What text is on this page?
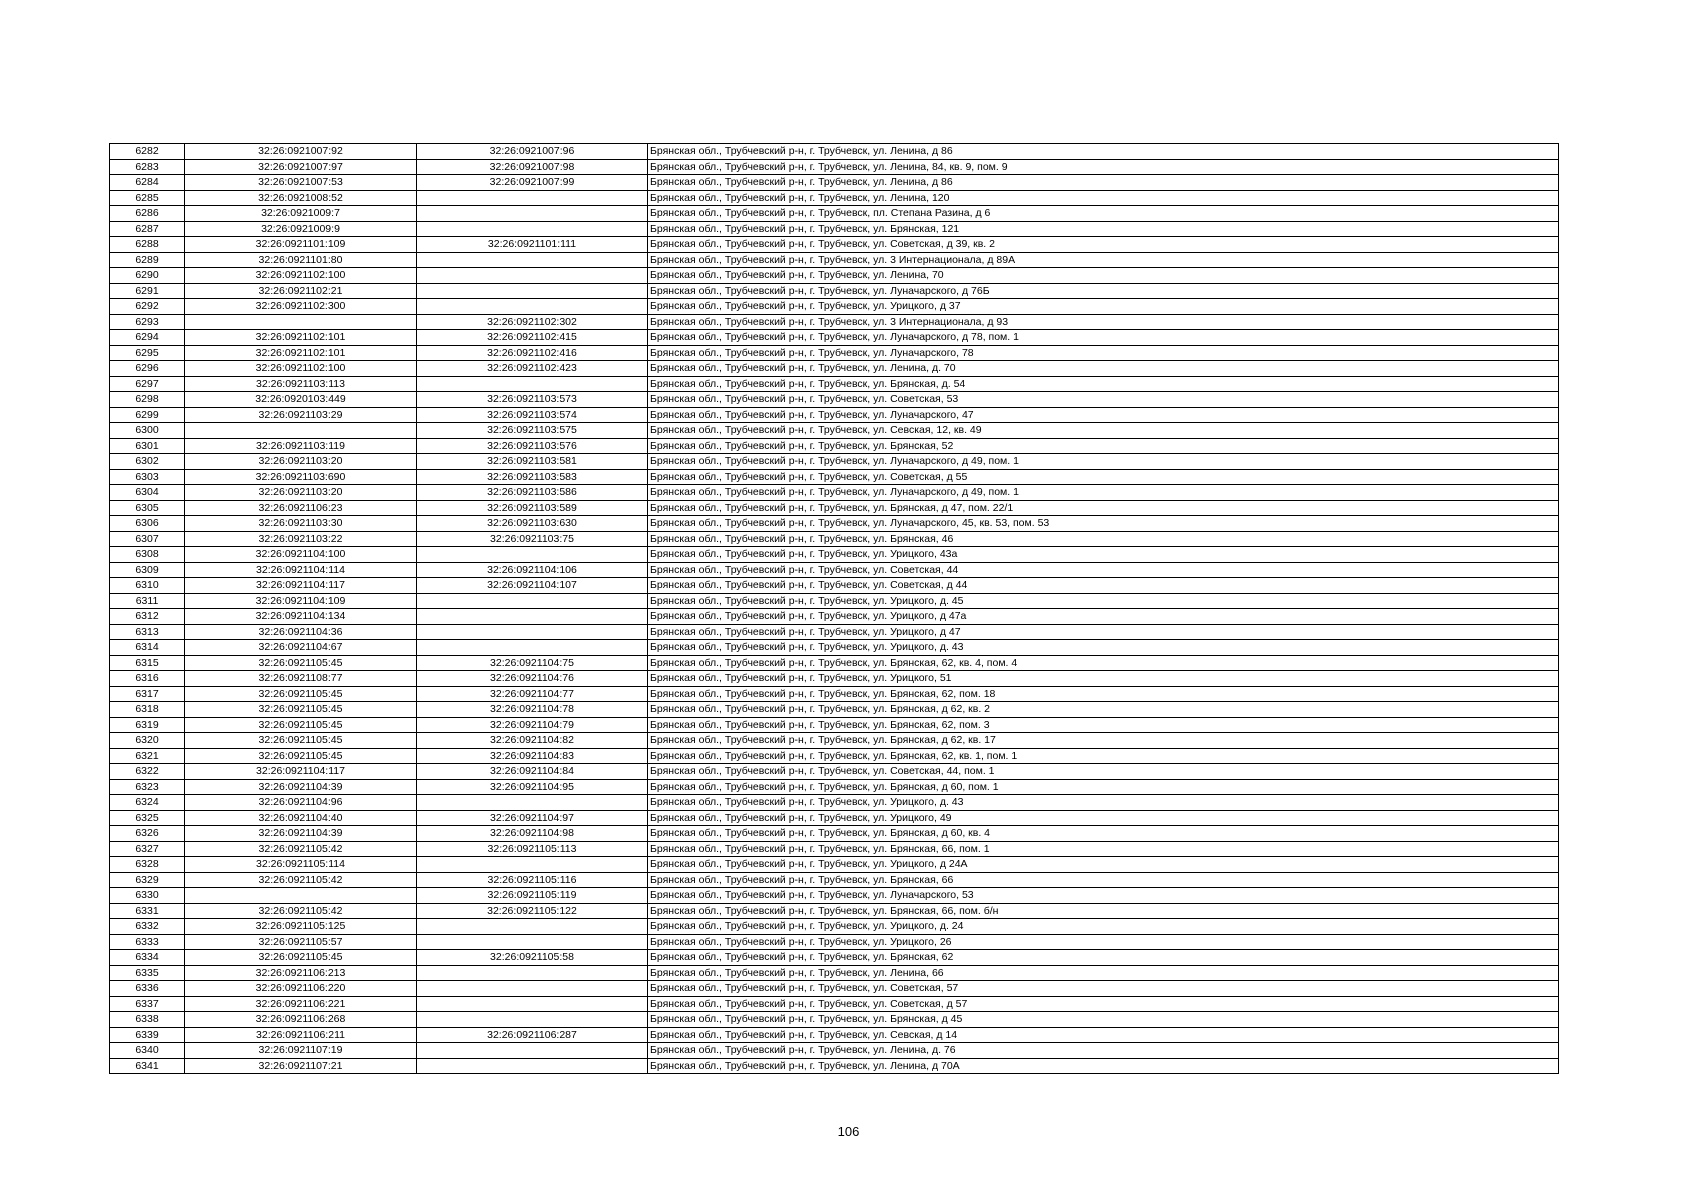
6282	32:26:0921007:92	32:26:0921007:96	Брянская обл., Трубчевский р-н, г. Трубчевск, ул. Ленина, д 86
6283	32:26:0921007:97	32:26:0921007:98	Брянская обл., Трубчевский р-н, г. Трубчевск, ул. Ленина, 84, кв. 9, пом. 9
6284	32:26:0921007:53	32:26:0921007:99	Брянская обл., Трубчевский р-н, г. Трубчевск, ул. Ленина, д 86
6285	32:26:0921008:52		Брянская обл., Трубчевский р-н, г. Трубчевск, ул. Ленина, 120
6286	32:26:0921009:7		Брянская обл., Трубчевский р-н, г. Трубчевск, пл. Степана Разина, д 6
6287	32:26:0921009:9		Брянская обл., Трубчевский р-н, г. Трубчевск, ул. Брянская, 121
6288	32:26:0921101:109	32:26:0921101:111	Брянская обл., Трубчевский р-н, г. Трубчевск, ул. Советская, д 39, кв. 2
6289	32:26:0921101:80		Брянская обл., Трубчевский р-н, г. Трубчевск, ул. 3 Интернационала, д 89А
6290	32:26:0921102:100		Брянская обл., Трубчевский р-н, г. Трубчевск, ул. Ленина, 70
6291	32:26:0921102:21		Брянская обл., Трубчевский р-н, г. Трубчевск, ул. Луначарского, д 76Б
6292	32:26:0921102:300		Брянская обл., Трубчевский р-н, г. Трубчевск, ул. Урицкого, д 37
6293		32:26:0921102:302	Брянская обл., Трубчевский р-н, г. Трубчевск, ул. 3 Интернационала, д 93
6294	32:26:0921102:101	32:26:0921102:415	Брянская обл., Трубчевский р-н, г. Трубчевск, ул. Луначарского, д 78, пом. 1
6295	32:26:0921102:101	32:26:0921102:416	Брянская обл., Трубчевский р-н, г. Трубчевск, ул. Луначарского, 78
6296	32:26:0921102:100	32:26:0921102:423	Брянская обл., Трубчевский р-н, г. Трубчевск, ул. Ленина, д. 70
6297	32:26:0921103:113		Брянская обл., Трубчевский р-н, г. Трубчевск, ул. Брянская, д. 54
6298	32:26:0920103:449	32:26:0921103:573	Брянская обл., Трубчевский р-н, г. Трубчевск, ул. Советская, 53
6299	32:26:0921103:29	32:26:0921103:574	Брянская обл., Трубчевский р-н, г. Трубчевск, ул. Луначарского, 47
6300		32:26:0921103:575	Брянская обл., Трубчевский р-н, г. Трубчевск, ул. Севская, 12, кв. 49
6301	32:26:0921103:119	32:26:0921103:576	Брянская обл., Трубчевский р-н, г. Трубчевск, ул. Брянская, 52
6302	32:26:0921103:20	32:26:0921103:581	Брянская обл., Трубчевский р-н, г. Трубчевск, ул. Луначарского, д 49, пом. 1
6303	32:26:0921103:690	32:26:0921103:583	Брянская обл., Трубчевский р-н, г. Трубчевск, ул. Советская, д 55
6304	32:26:0921103:20	32:26:0921103:586	Брянская обл., Трубчевский р-н, г. Трубчевск, ул. Луначарского, д 49, пом. 1
6305	32:26:0921106:23	32:26:0921103:589	Брянская обл., Трубчевский р-н, г. Трубчевск, ул. Брянская, д 47, пом. 22/1
6306	32:26:0921103:30	32:26:0921103:630	Брянская обл., Трубчевский р-н, г. Трубчевск, ул. Луначарского, 45, кв. 53, пом. 53
6307	32:26:0921103:22	32:26:0921103:75	Брянская обл., Трубчевский р-н, г. Трубчевск, ул. Брянская, 46
6308	32:26:0921104:100		Брянская обл., Трубчевский р-н, г. Трубчевск, ул. Урицкого, 43а
6309	32:26:0921104:114	32:26:0921104:106	Брянская обл., Трубчевский р-н, г. Трубчевск, ул. Советская, 44
6310	32:26:0921104:117	32:26:0921104:107	Брянская обл., Трубчевский р-н, г. Трубчевск, ул. Советская, д 44
6311	32:26:0921104:109		Брянская обл., Трубчевский р-н, г. Трубчевск, ул. Урицкого, д. 45
6312	32:26:0921104:134		Брянская обл., Трубчевский р-н, г. Трубчевск, ул. Урицкого, д 47а
6313	32:26:0921104:36		Брянская обл., Трубчевский р-н, г. Трубчевск, ул. Урицкого, д 47
6314	32:26:0921104:67		Брянская обл., Трубчевский р-н, г. Трубчевск, ул. Урицкого, д. 43
6315	32:26:0921105:45	32:26:0921104:75	Брянская обл., Трубчевский р-н, г. Трубчевск, ул. Брянская, 62, кв. 4, пом. 4
6316	32:26:0921108:77	32:26:0921104:76	Брянская обл., Трубчевский р-н, г. Трубчевск, ул. Урицкого, 51
6317	32:26:0921105:45	32:26:0921104:77	Брянская обл., Трубчевский р-н, г. Трубчевск, ул. Брянская, 62, пом. 18
6318	32:26:0921105:45	32:26:0921104:78	Брянская обл., Трубчевский р-н, г. Трубчевск, ул. Брянская, д 62, кв. 2
6319	32:26:0921105:45	32:26:0921104:79	Брянская обл., Трубчевский р-н, г. Трубчевск, ул. Брянская, 62, пом. 3
6320	32:26:0921105:45	32:26:0921104:82	Брянская обл., Трубчевский р-н, г. Трубчевск, ул. Брянская, д 62, кв. 17
6321	32:26:0921105:45	32:26:0921104:83	Брянская обл., Трубчевский р-н, г. Трубчевск, ул. Брянская, 62, кв. 1, пом. 1
6322	32:26:0921104:117	32:26:0921104:84	Брянская обл., Трубчевский р-н, г. Трубчевск, ул. Советская, 44, пом. 1
6323	32:26:0921104:39	32:26:0921104:95	Брянская обл., Трубчевский р-н, г. Трубчевск, ул. Брянская, д 60, пом. 1
6324	32:26:0921104:96		Брянская обл., Трубчевский р-н, г. Трубчевск, ул. Урицкого, д. 43
6325	32:26:0921104:40	32:26:0921104:97	Брянская обл., Трубчевский р-н, г. Трубчевск, ул. Урицкого, 49
6326	32:26:0921104:39	32:26:0921104:98	Брянская обл., Трубчевский р-н, г. Трубчевск, ул. Брянская, д 60, кв. 4
6327	32:26:0921105:42	32:26:0921105:113	Брянская обл., Трубчевский р-н, г. Трубчевск, ул. Брянская, 66, пом. 1
6328	32:26:0921105:114		Брянская обл., Трубчевский р-н, г. Трубчевск, ул. Урицкого, д 24А
6329	32:26:0921105:42	32:26:0921105:116	Брянская обл., Трубчевский р-н, г. Трубчевск, ул. Брянская, 66
6330		32:26:0921105:119	Брянская обл., Трубчевский р-н, г. Трубчевск, ул. Луначарского, 53
6331	32:26:0921105:42	32:26:0921105:122	Брянская обл., Трубчевский р-н, г. Трубчевск, ул. Брянская, 66, пом. б/н
6332	32:26:0921105:125		Брянская обл., Трубчевский р-н, г. Трубчевск, ул. Урицкого, д. 24
6333	32:26:0921105:57		Брянская обл., Трубчевский р-н, г. Трубчевск, ул. Урицкого, 26
6334	32:26:0921105:45	32:26:0921105:58	Брянская обл., Трубчевский р-н, г. Трубчевск, ул. Брянская, 62
6335	32:26:0921106:213		Брянская обл., Трубчевский р-н, г. Трубчевск, ул. Ленина, 66
6336	32:26:0921106:220		Брянская обл., Трубчевский р-н, г. Трубчевск, ул. Советская, 57
6337	32:26:0921106:221		Брянская обл., Трубчевский р-н, г. Трубчевск, ул. Советская, д 57
6338	32:26:0921106:268		Брянская обл., Трубчевский р-н, г. Трубчевск, ул. Брянская, д 45
6339	32:26:0921106:211	32:26:0921106:287	Брянская обл., Трубчевский р-н, г. Трубчевск, ул. Севская, д 14
6340	32:26:0921107:19		Брянская обл., Трубчевский р-н, г. Трубчевск, ул. Ленина, д. 76
6341	32:26:0921107:21		Брянская обл., Трубчевский р-н, г. Трубчевск, ул. Ленина, д 70А
106
